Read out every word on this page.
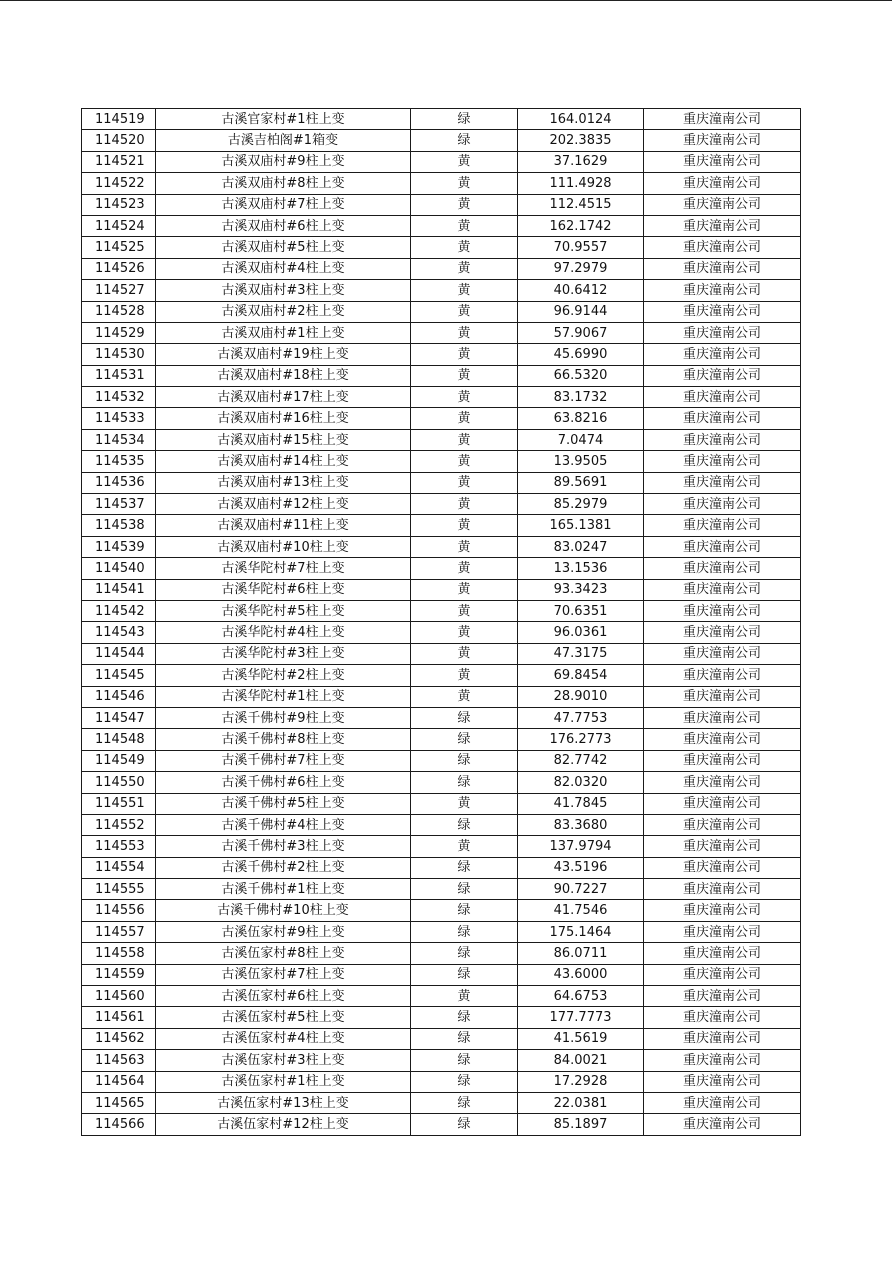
114519	古溪官家村#1柱上变	绿	164.0124	重庆潼南公司
114520	古溪吉柏阁#1箱变	绿	202.3835	重庆潼南公司
114521	古溪双庙村#9柱上变	黄	37.1629	重庆潼南公司
114522	古溪双庙村#8柱上变	黄	111.4928	重庆潼南公司
114523	古溪双庙村#7柱上变	黄	112.4515	重庆潼南公司
114524	古溪双庙村#6柱上变	黄	162.1742	重庆潼南公司
114525	古溪双庙村#5柱上变	黄	70.9557	重庆潼南公司
114526	古溪双庙村#4柱上变	黄	97.2979	重庆潼南公司
114527	古溪双庙村#3柱上变	黄	40.6412	重庆潼南公司
114528	古溪双庙村#2柱上变	黄	96.9144	重庆潼南公司
114529	古溪双庙村#1柱上变	黄	57.9067	重庆潼南公司
114530	古溪双庙村#19柱上变	黄	45.6990	重庆潼南公司
114531	古溪双庙村#18柱上变	黄	66.5320	重庆潼南公司
114532	古溪双庙村#17柱上变	黄	83.1732	重庆潼南公司
114533	古溪双庙村#16柱上变	黄	63.8216	重庆潼南公司
114534	古溪双庙村#15柱上变	黄	7.0474	重庆潼南公司
114535	古溪双庙村#14柱上变	黄	13.9505	重庆潼南公司
114536	古溪双庙村#13柱上变	黄	89.5691	重庆潼南公司
114537	古溪双庙村#12柱上变	黄	85.2979	重庆潼南公司
114538	古溪双庙村#11柱上变	黄	165.1381	重庆潼南公司
114539	古溪双庙村#10柱上变	黄	83.0247	重庆潼南公司
114540	古溪华陀村#7柱上变	黄	13.1536	重庆潼南公司
114541	古溪华陀村#6柱上变	黄	93.3423	重庆潼南公司
114542	古溪华陀村#5柱上变	黄	70.6351	重庆潼南公司
114543	古溪华陀村#4柱上变	黄	96.0361	重庆潼南公司
114544	古溪华陀村#3柱上变	黄	47.3175	重庆潼南公司
114545	古溪华陀村#2柱上变	黄	69.8454	重庆潼南公司
114546	古溪华陀村#1柱上变	黄	28.9010	重庆潼南公司
114547	古溪千佛村#9柱上变	绿	47.7753	重庆潼南公司
114548	古溪千佛村#8柱上变	绿	176.2773	重庆潼南公司
114549	古溪千佛村#7柱上变	绿	82.7742	重庆潼南公司
114550	古溪千佛村#6柱上变	绿	82.0320	重庆潼南公司
114551	古溪千佛村#5柱上变	黄	41.7845	重庆潼南公司
114552	古溪千佛村#4柱上变	绿	83.3680	重庆潼南公司
114553	古溪千佛村#3柱上变	黄	137.9794	重庆潼南公司
114554	古溪千佛村#2柱上变	绿	43.5196	重庆潼南公司
114555	古溪千佛村#1柱上变	绿	90.7227	重庆潼南公司
114556	古溪千佛村#10柱上变	绿	41.7546	重庆潼南公司
114557	古溪伍家村#9柱上变	绿	175.1464	重庆潼南公司
114558	古溪伍家村#8柱上变	绿	86.0711	重庆潼南公司
114559	古溪伍家村#7柱上变	绿	43.6000	重庆潼南公司
114560	古溪伍家村#6柱上变	黄	64.6753	重庆潼南公司
114561	古溪伍家村#5柱上变	绿	177.7773	重庆潼南公司
114562	古溪伍家村#4柱上变	绿	41.5619	重庆潼南公司
114563	古溪伍家村#3柱上变	绿	84.0021	重庆潼南公司
114564	古溪伍家村#1柱上变	绿	17.2928	重庆潼南公司
114565	古溪伍家村#13柱上变	绿	22.0381	重庆潼南公司
114566	古溪伍家村#12柱上变	绿	85.1897	重庆潼南公司
